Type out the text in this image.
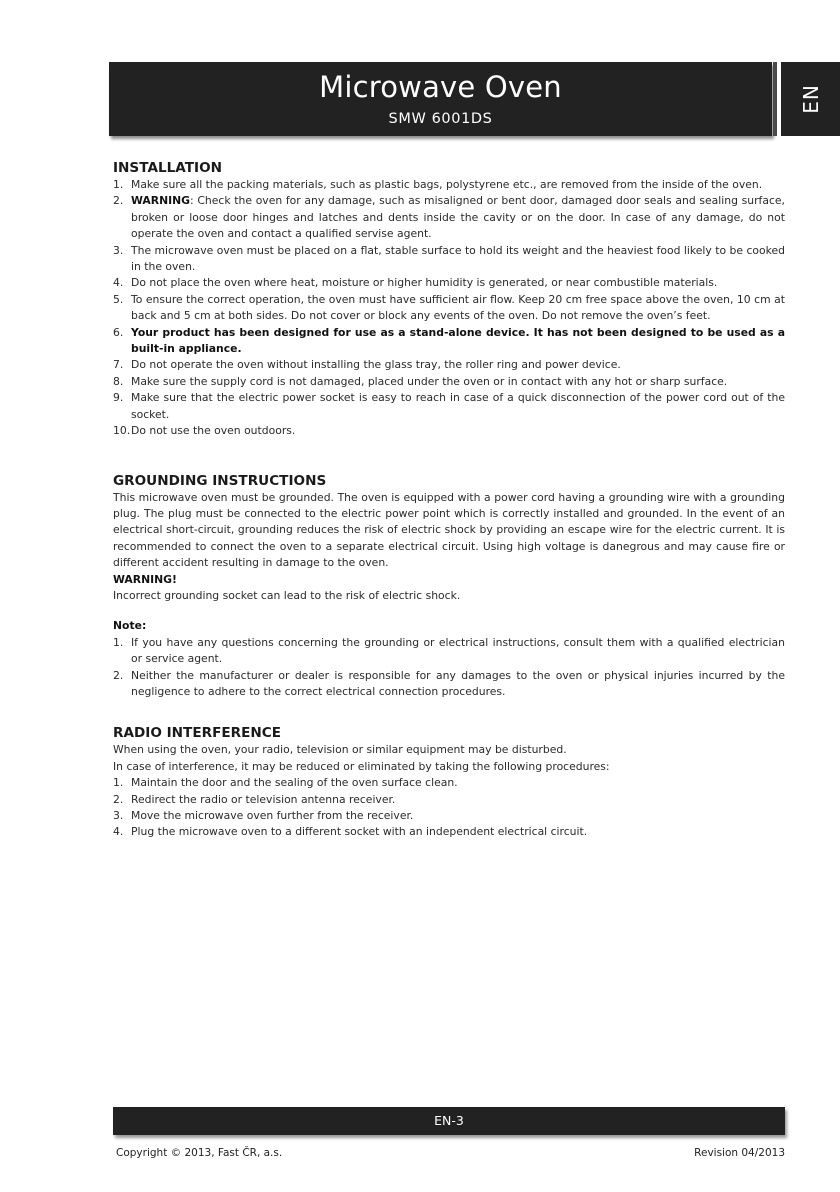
Microwave Oven
SMW 6001DS
EN
INSTALLATION
1. Make sure all the packing materials, such as plastic bags, polystyrene etc., are removed from the inside of the oven.
2. WARNING: Check the oven for any damage, such as misaligned or bent door, damaged door seals and sealing surface, broken or loose door hinges and latches and dents inside the cavity or on the door. In case of any damage, do not operate the oven and contact a qualified servise agent.
3. The microwave oven must be placed on a flat, stable surface to hold its weight and the heaviest food likely to be cooked in the oven.
4. Do not place the oven where heat, moisture or higher humidity is generated, or near combustible materials.
5. To ensure the correct operation, the oven must have sufficient air flow. Keep 20 cm free space above the oven, 10 cm at back and 5 cm at both sides. Do not cover or block any events of the oven. Do not remove the oven’s feet.
6. Your product has been designed for use as a stand-alone device. It has not been designed to be used as a built-in appliance.
7. Do not operate the oven without installing the glass tray, the roller ring and power device.
8. Make sure the supply cord is not damaged, placed under the oven or in contact with any hot or sharp surface.
9. Make sure that the electric power socket is easy to reach in case of a quick disconnection of the power cord out of the socket.
10. Do not use the oven outdoors.
GROUNDING INSTRUCTIONS
This microwave oven must be grounded. The oven is equipped with a power cord having a grounding wire with a grounding plug. The plug must be connected to the electric power point which is correctly installed and grounded. In the event of an electrical short-circuit, grounding reduces the risk of electric shock by providing an escape wire for the electric current. It is recommended to connect the oven to a separate electrical circuit. Using high voltage is danegrous and may cause fire or different accident resulting in damage to the oven.
WARNING!
Incorrect grounding socket can lead to the risk of electric shock.
Note:
1. If you have any questions concerning the grounding or electrical instructions, consult them with a qualified electrician or service agent.
2. Neither the manufacturer or dealer is responsible for any damages to the oven or physical injuries incurred by the negligence to adhere to the correct electrical connection procedures.
RADIO INTERFERENCE
When using the oven, your radio, television or similar equipment may be disturbed.
In case of interference, it may be reduced or eliminated by taking the following procedures:
1. Maintain the door and the sealing of the oven surface clean.
2. Redirect the radio or television antenna receiver.
3. Move the microwave oven further from the receiver.
4. Plug the microwave oven to a different socket with an independent electrical circuit.
EN-3
Copyright © 2013, Fast ČR, a.s.	Revision 04/2013
